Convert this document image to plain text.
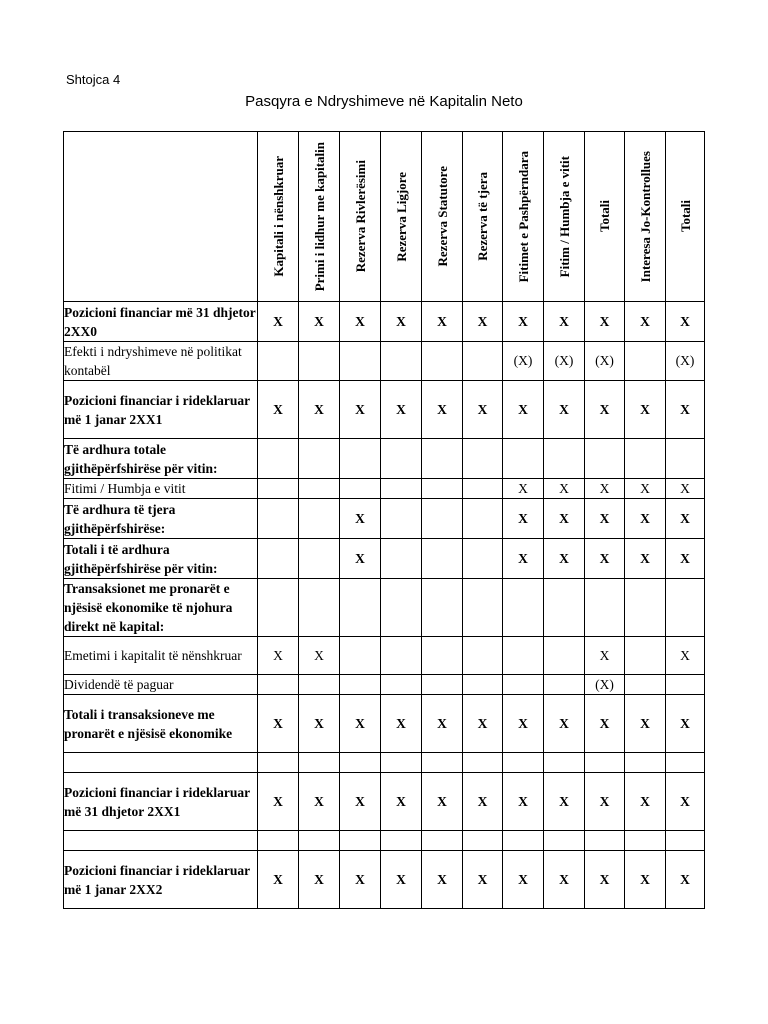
Shtojca 4
Pasqyra e Ndryshimeve në Kapitalin Neto

	Kapitali i nënshkruar	Primi i lidhur me kapitalin	Rezerva Rivlerësimi	Rezerva Ligjore	Rezerva Statutore	Rezerva të tjera	Fitimet e Pashpërndara	Fitim / Humbja e vitit	Totali	Interesa Jo-Kontrollues	Totali

Pozicioni financiar më 31 dhjetor 2XX0	X	X	X	X	X	X	X	X	X	X	X
Efekti i ndryshimeve në politikat kontabël							(X)	(X)	(X)		(X)
Pozicioni financiar i rideklaruar më 1 janar 2XX1	X	X	X	X	X	X	X	X	X	X	X
Të ardhura totale gjithëpërfshirëse për vitin:											
Fitimi / Humbja e vitit							X	X	X	X	X
Të ardhura të tjera gjithëpërfshirëse:			X				X	X	X	X	X
Totali i të ardhura gjithëpërfshirëse për vitin:			X				X	X	X	X	X
Transaksionet me pronarët e njësisë ekonomike të njohura direkt në kapital:											
Emetimi i kapitalit të nënshkruar	X	X							X		X
Dividendë të paguar									(X)		
Totali i transaksioneve me pronarët e njësisë ekonomike	X	X	X	X	X	X	X	X	X	X	X

Pozicioni financiar i rideklaruar më 31 dhjetor 2XX1	X	X	X	X	X	X	X	X	X	X	X

Pozicioni financiar i rideklaruar më 1 janar 2XX2	X	X	X	X	X	X	X	X	X	X	X
